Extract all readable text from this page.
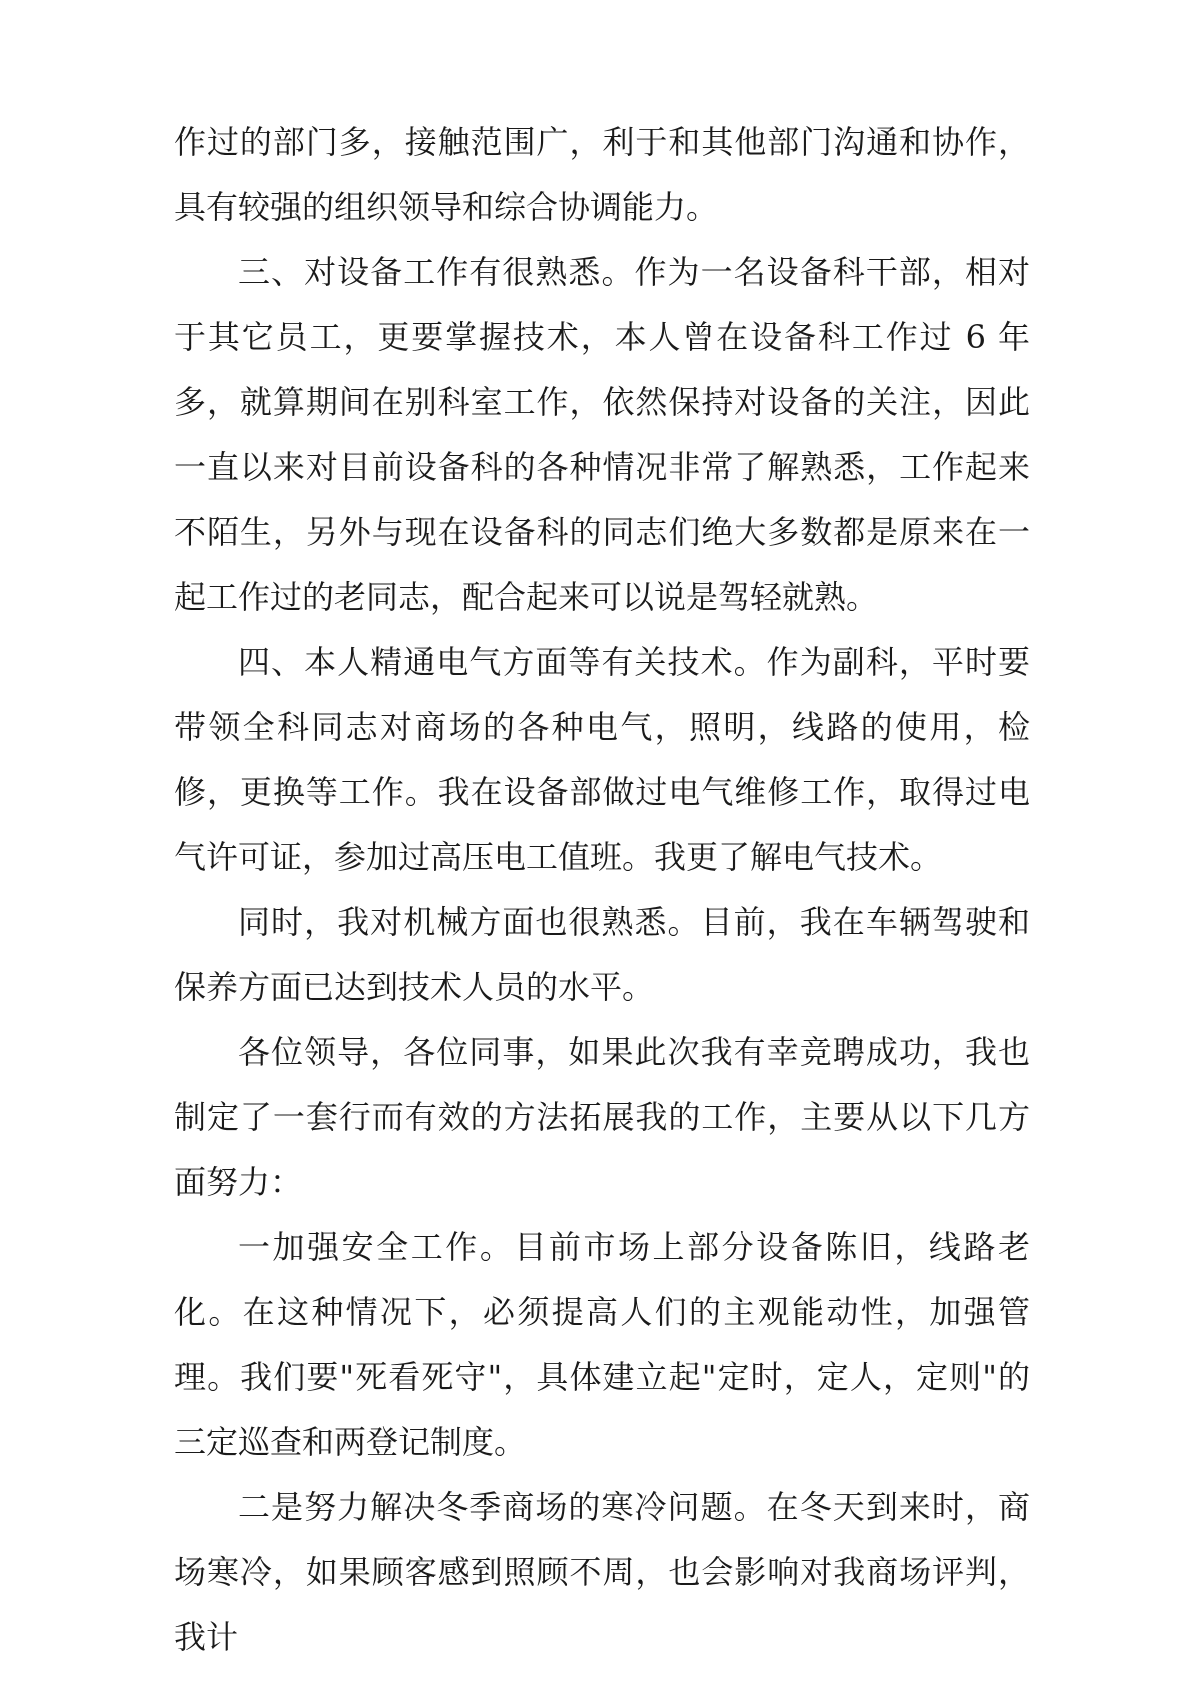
作过的部门多，接触范围广，利于和其他部门沟通和协作，具有较强的组织领导和综合协调能力。

三、对设备工作有很熟悉。作为一名设备科干部，相对于其它员工，更要掌握技术，本人曾在设备科工作过 6 年多，就算期间在别科室工作，依然保持对设备的关注，因此一直以来对目前设备科的各种情况非常了解熟悉，工作起来不陌生，另外与现在设备科的同志们绝大多数都是原来在一起工作过的老同志，配合起来可以说是驾轻就熟。

四、本人精通电气方面等有关技术。作为副科，平时要带领全科同志对商场的各种电气，照明，线路的使用，检修，更换等工作。我在设备部做过电气维修工作，取得过电气许可证，参加过高压电工值班。我更了解电气技术。

同时，我对机械方面也很熟悉。目前，我在车辆驾驶和保养方面已达到技术人员的水平。

各位领导，各位同事，如果此次我有幸竞聘成功，我也制定了一套行而有效的方法拓展我的工作，主要从以下几方面努力：

一加强安全工作。目前市场上部分设备陈旧，线路老化。在这种情况下，必须提高人们的主观能动性，加强管理。我们要"死看死守"，具体建立起"定时，定人，定则"的三定巡查和两登记制度。

二是努力解决冬季商场的寒冷问题。在冬天到来时，商场寒冷，如果顾客感到照顾不周，也会影响对我商场评判，我计
